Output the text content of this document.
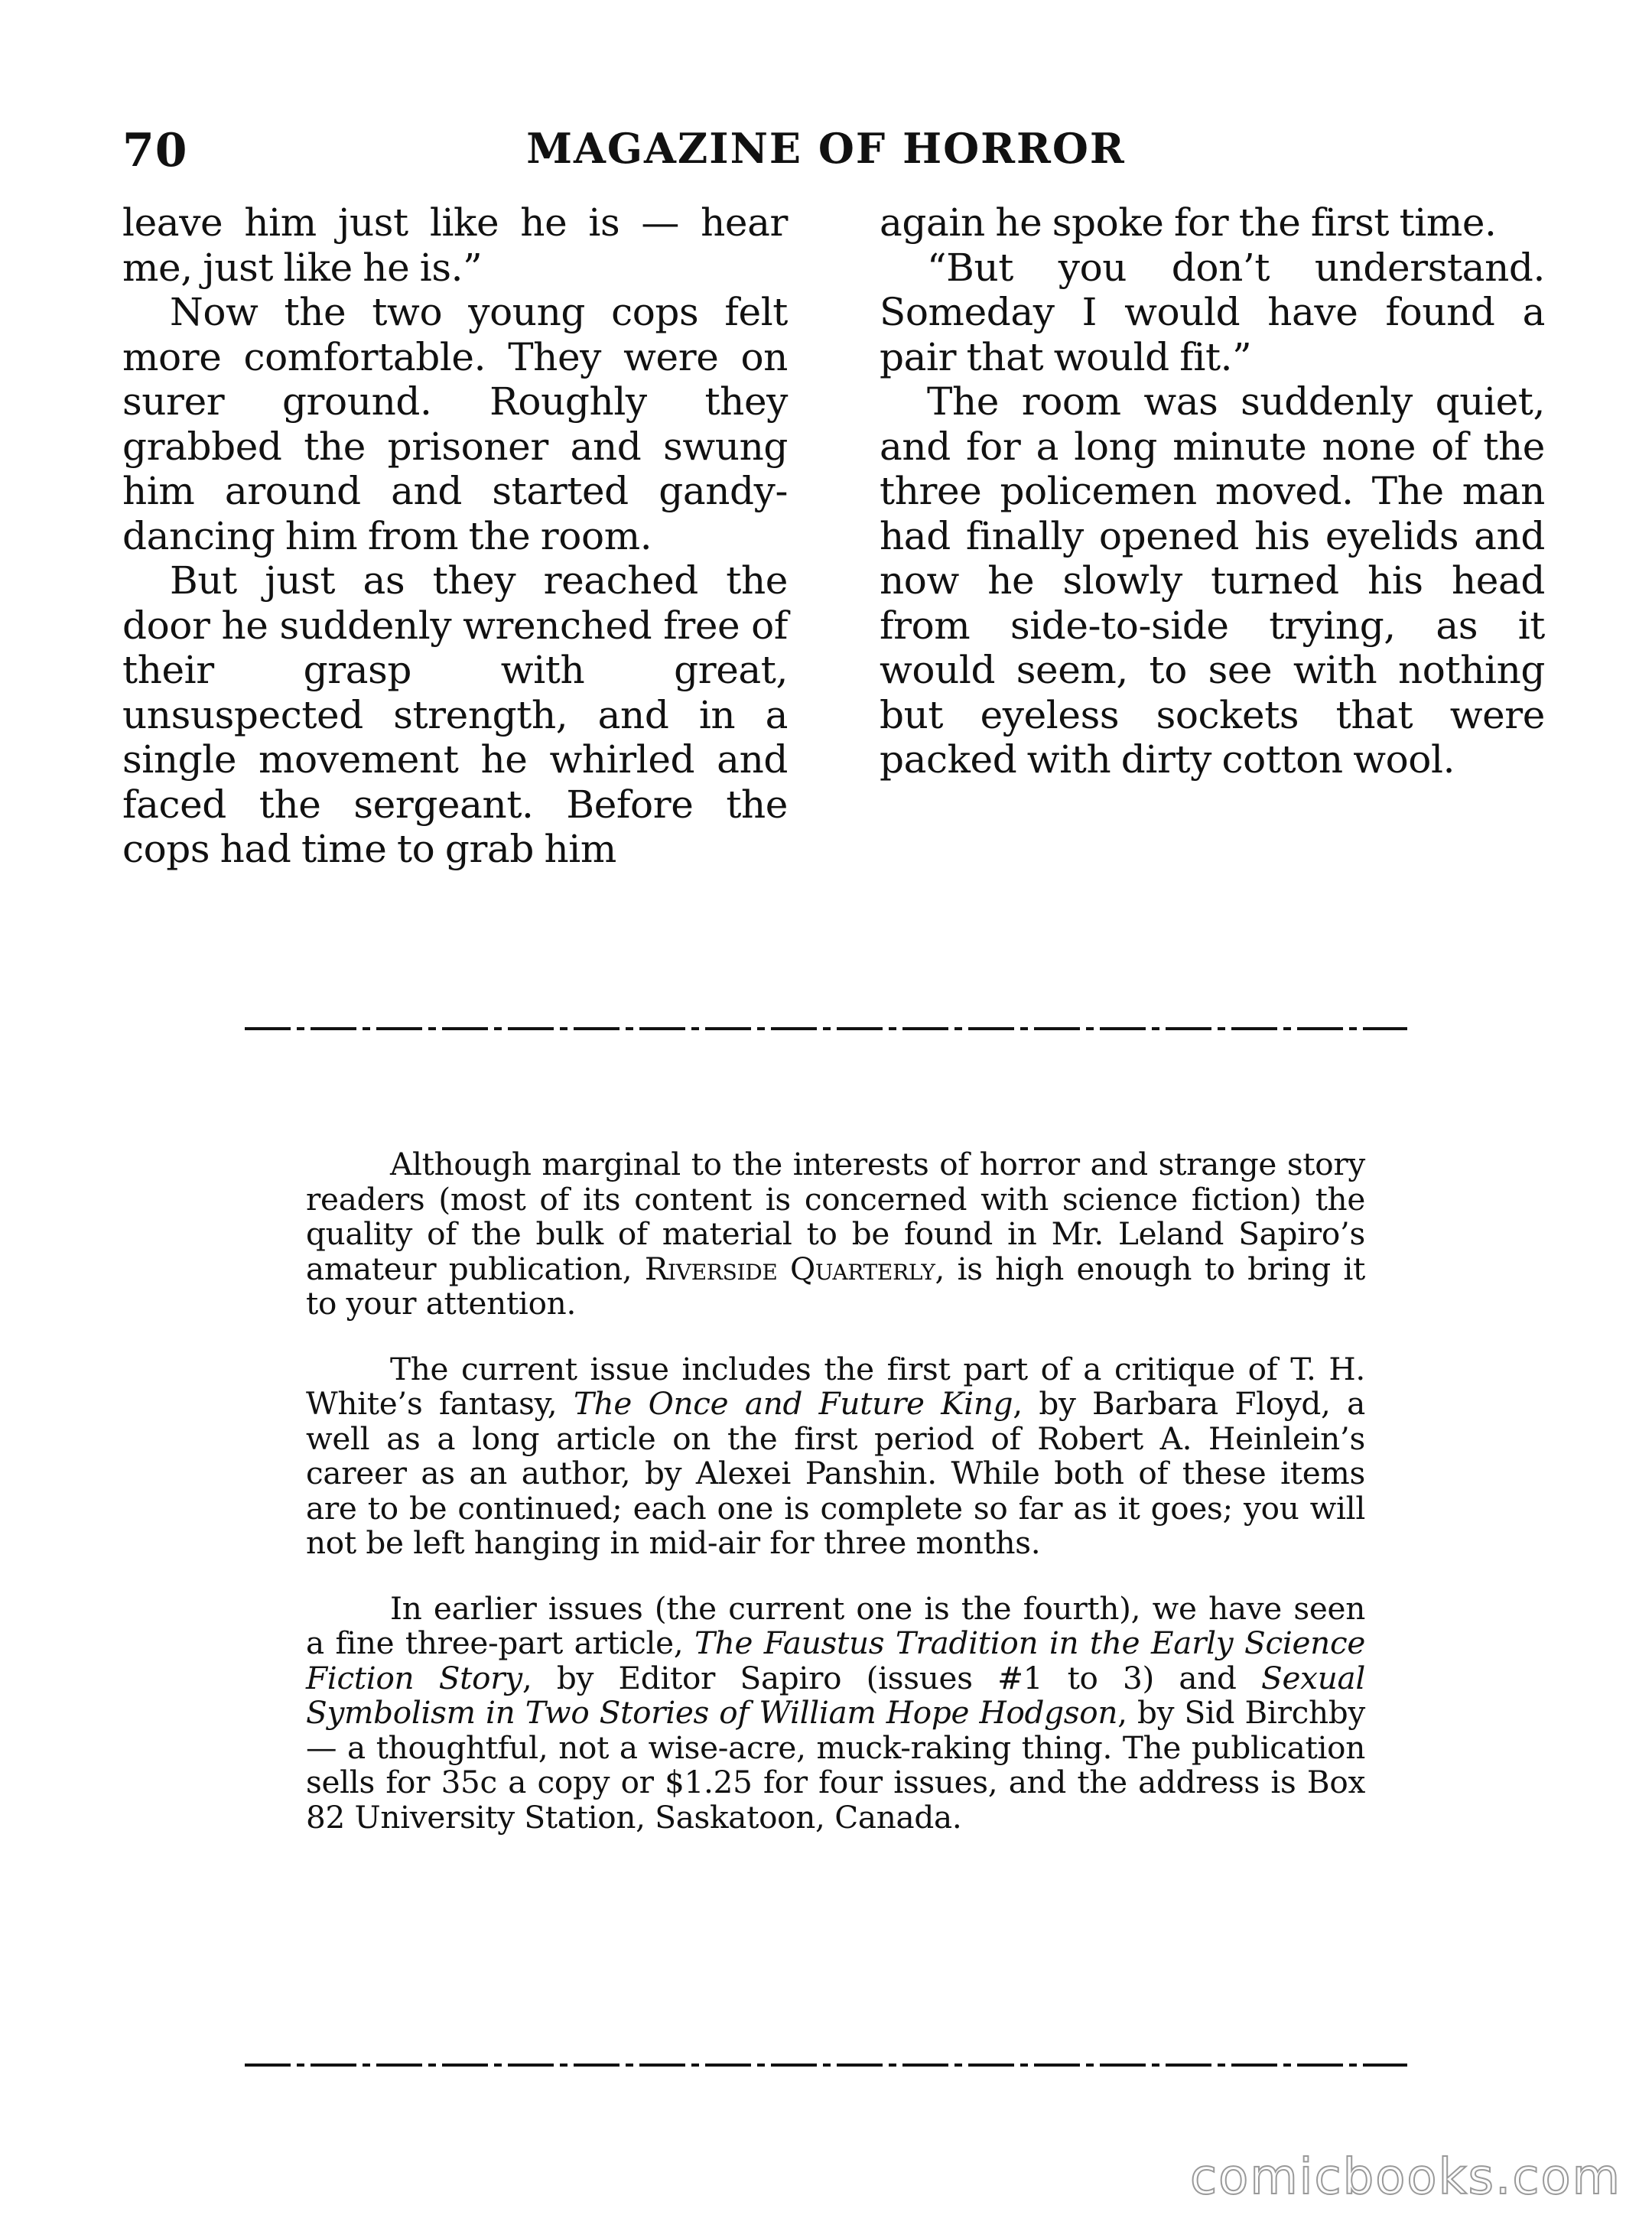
70	MAGAZINE OF HORROR

leave him just like he is — hear me, just like he is.”

Now the two young cops felt more comfortable. They were on surer ground. Roughly they grabbed the prisoner and swung him around and started gandy-dancing him from the room.

But just as they reached the door he suddenly wrenched free of their grasp with great, unsuspected strength, and in a single movement he whirled and faced the sergeant. Before the cops had time to grab him

again he spoke for the first time.

“But you don’t understand. Someday I would have found a pair that would fit.”

The room was suddenly quiet, and for a long minute none of the three policemen moved. The man had finally opened his eyelids and now he slowly turned his head from side-to-side trying, as it would seem, to see with nothing but eyeless sockets that were packed with dirty cotton wool.

Although marginal to the interests of horror and strange story readers (most of its content is concerned with science fiction) the quality of the bulk of material to be found in Mr. Leland Sapiro’s amateur publication, Riverside Quarterly, is high enough to bring it to your attention.

The current issue includes the first part of a critique of T. H. White’s fantasy, The Once and Future King, by Barbara Floyd, a well as a long article on the first period of Robert A. Heinlein’s career as an author, by Alexei Panshin. While both of these items are to be continued; each one is complete so far as it goes; you will not be left hanging in mid-air for three months.

In earlier issues (the current one is the fourth), we have seen a fine three-part article, The Faustus Tradition in the Early Science Fiction Story, by Editor Sapiro (issues #1 to 3) and Sexual Symbolism in Two Stories of William Hope Hodgson, by Sid Birchby — a thoughtful, not a wise-acre, muck-raking thing. The publication sells for 35c a copy or $1.25 for four issues, and the address is Box 82 University Station, Saskatoon, Canada.

comicbooks.com
